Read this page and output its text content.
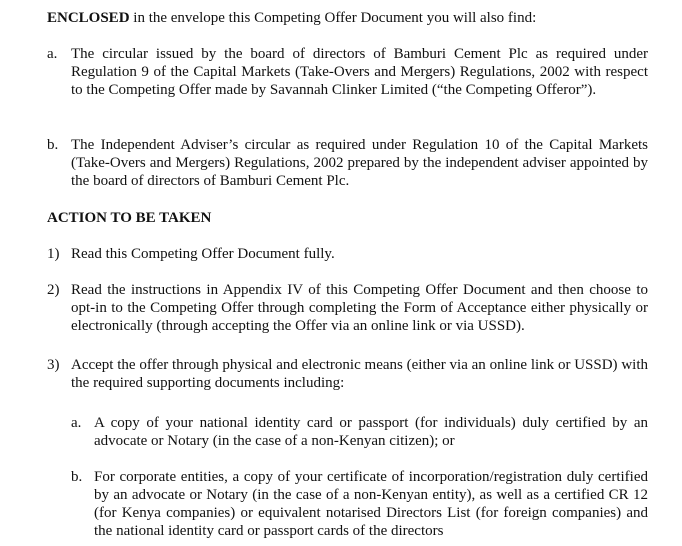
ENCLOSED in the envelope this Competing Offer Document you will also find:

a. The circular issued by the board of directors of Bamburi Cement Plc as required under Regulation 9 of the Capital Markets (Take-Overs and Mergers) Regulations, 2002 with respect to the Competing Offer made by Savannah Clinker Limited (“the Competing Offeror”).
b. The Independent Adviser’s circular as required under Regulation 10 of the Capital Markets (Take-Overs and Mergers) Regulations, 2002 prepared by the independent adviser appointed by the board of directors of Bamburi Cement Plc.

ACTION TO BE TAKEN

1) Read this Competing Offer Document fully.
2) Read the instructions in Appendix IV of this Competing Offer Document and then choose to opt-in to the Competing Offer through completing the Form of Acceptance either physically or electronically (through accepting the Offer via an online link or via USSD).
3) Accept the offer through physical and electronic means (either via an online link or USSD) with the required supporting documents including:
a. A copy of your national identity card or passport (for individuals) duly certified by an advocate or Notary (in the case of a non-Kenyan citizen); or
b. For corporate entities, a copy of your certificate of incorporation/registration duly certified by an advocate or Notary (in the case of a non-Kenyan entity), as well as a certified CR 12 (for Kenya companies) or equivalent notarised Directors List (for foreign companies) and the national identity card or passport cards of the directors
